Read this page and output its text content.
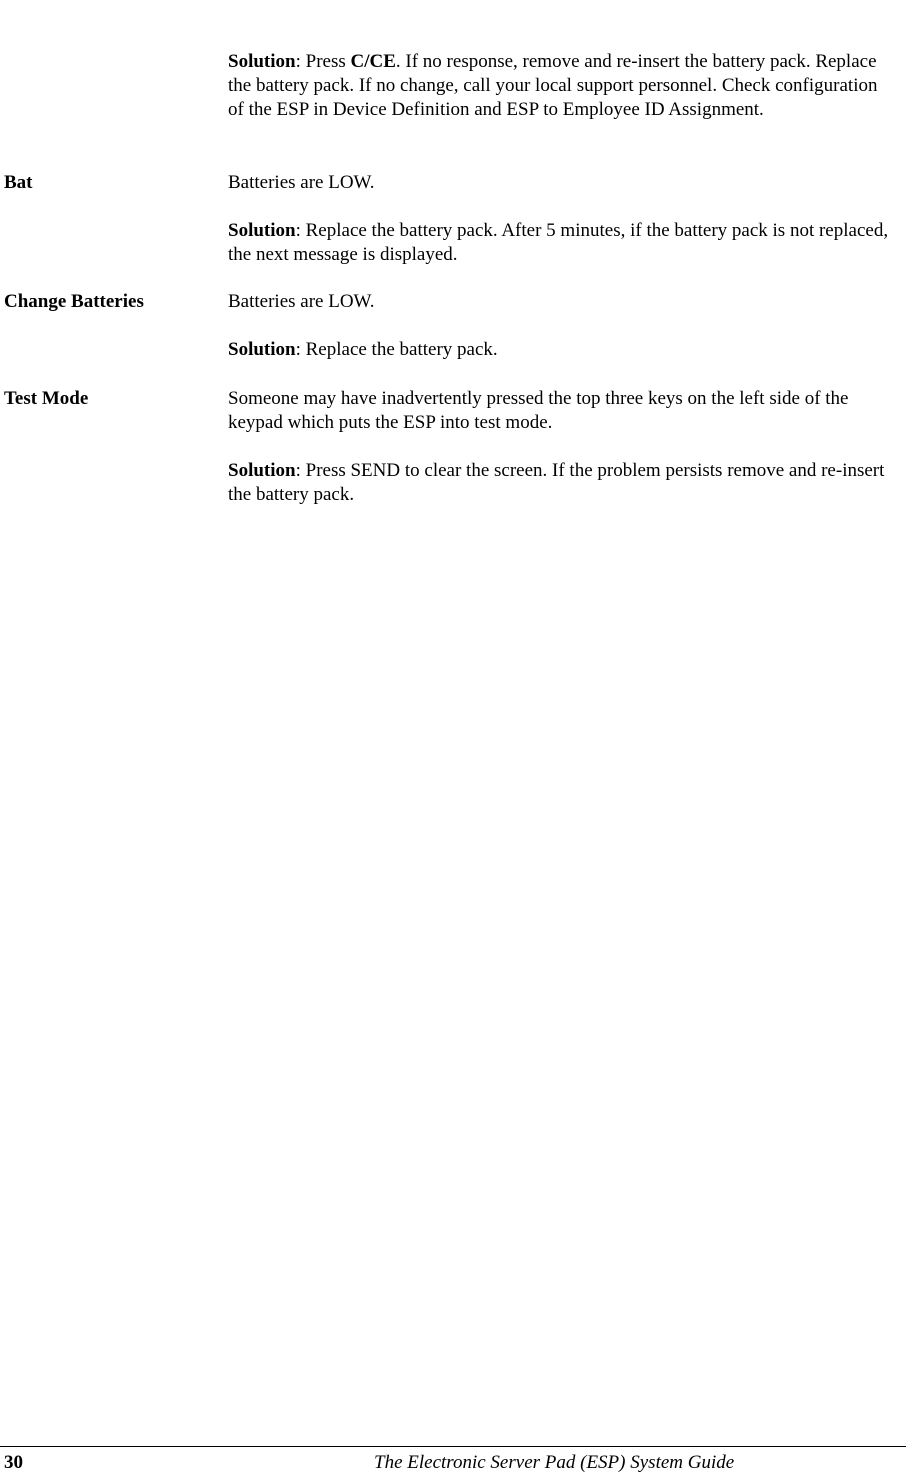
Solution: Press C/CE. If no response, remove and re-insert the battery pack. Replace the battery pack. If no change, call your local support personnel. Check configuration of the ESP in Device Definition and ESP to Employee ID Assignment.

Bat	Batteries are LOW.

Solution: Replace the battery pack. After 5 minutes, if the battery pack is not replaced, the next message is displayed.

Change Batteries	Batteries are LOW.

Solution: Replace the battery pack.

Test Mode	Someone may have inadvertently pressed the top three keys on the left side of the keypad which puts the ESP into test mode.

Solution: Press SEND to clear the screen. If the problem persists remove and re-insert the battery pack.

30	The Electronic Server Pad (ESP) System Guide
